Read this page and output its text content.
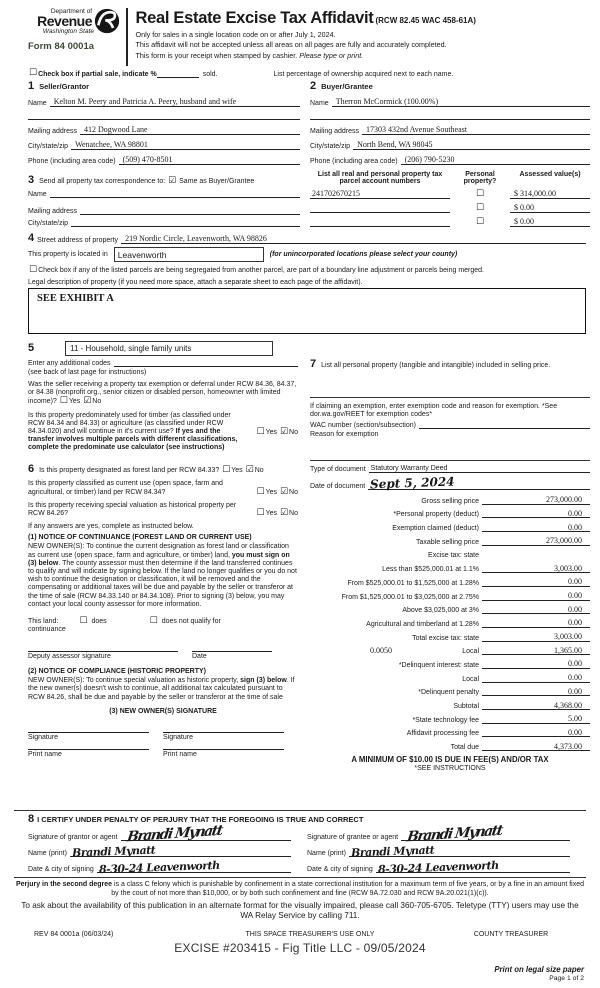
Department of
Revenue
Washington State
Form 84 0001a
Real Estate Excise Tax Affidavit (RCW 82.45 WAC 458-61A)
Only for sales in a single location code on or after July 1, 2024.
This affidavit will not be accepted unless all areas on all pages are fully and accurately completed.
This form is your receipt when stamped by cashier. Please type or print.
☐ Check box if partial sale, indicate %	sold.	List percentage of ownership acquired next to each name.
1 Seller/Grantor
Name Kelton M. Peery and Patricia A. Peery, husband and wife
Mailing address 412 Dogwood Lane
City/state/zip Wenatchee, WA 98801
Phone (including area code) (509) 470-8501
3 Send all property tax correspondence to: ☑ Same as Buyer/Grantee
Name
Mailing address
City/state/zip
2 Buyer/Grantee
Name Therron McCormick (100.00%)
Mailing address 17303 432nd Avenue Southeast
City/state/zip North Bend, WA 98045
Phone (including area code) (206) 790-5230
List all real and personal property tax parcel account numbers
Personal property?
Assessed value(s)
241702670215	☐	$ 314,000.00
☐	$ 0.00
☐	$ 0.00
4 Street address of property 219 Nordic Circle, Leavenworth, WA 98826
This property is located in	Leavenworth	(for unincorporated locations please select your county)
☐ Check box if any of the listed parcels are being segregated from another parcel, are part of a boundary line adjustment or parcels being merged.
Legal description of property (if you need more space, attach a separate sheet to each page of the affidavit).
SEE EXHIBIT A
5	11 - Household, single family units
Enter any additional codes
(see back of last page for instructions)
Was the seller receiving a property tax exemption or deferral under RCW 84.36, 84.37, or 84.38 (nonprofit org., senior citizen or disabled person, homeowner with limited income)? ☐Yes ☑No
Is this property predominately used for timber (as classified under RCW 84.34 and 84.33) or agriculture (as classified under RCW 84.34.020) and will continue in it's current use? If yes and the transfer involves multiple parcels with different classifications, complete the predominate use calculator (see instructions)
☐Yes ☑No
6 Is this property designated as forest land per RCW 84.33? ☐Yes ☑No
Is this property classified as current use (open space, farm and agricultural, or timber) land per RCW 84.34?	☐Yes ☑No
Is this property receiving special valuation as historical property per RCW 84.26?	☐Yes ☑No
If any answers are yes, complete as instructed below.
(1) NOTICE OF CONTINUANCE (FOREST LAND OR CURRENT USE)
NEW OWNER(S): To continue the current designation as forest land or classification as current use (open space, farm and agriculture, or timber) land, you must sign on (3) below. The county assessor must then determine if the land transferred continues to qualify and will indicate by signing below. If the land no longer qualifies or you do not wish to continue the designation or classification, it will be removed and the compensating or additional taxes will be due and payable by the seller or transferor at the time of sale (RCW 84.33.140 or 84.34.108). Prior to signing (3) below, you may contact your local county assessor for more information.
This land: ☐ does	☐ does not qualify for
continuance
Deputy assessor signature	Date
(2) NOTICE OF COMPLIANCE (HISTORIC PROPERTY)
NEW OWNER(S): To continue special valuation as historic property, sign (3) below. If the new owner(s) doesn't wish to continue, all additional tax calculated pursuant to RCW 84.26, shall be due and payable by the seller or transferor at the time of sale
(3) NEW OWNER(S) SIGNATURE
Signature	Signature
Print name	Print name
7 List all personal property (tangible and intangible) included in selling price.
If claiming an exemption, enter exemption code and reason for exemption. *See dor.wa.gov/REET for exemption codes*
WAC number (section/subsection)
Reason for exemption
Type of document Statutory Warranty Deed
Date of document Sept 5, 2024
Gross selling price	273,000.00
*Personal property (deduct)	0.00
Exemption claimed (deduct)	0.00
Taxable selling price	273,000.00
Excise tax: state
Less than $525,000.01 at 1.1%	3,003.00
From $525,000.01 to $1,525,000 at 1.28%	0.00
From $1,525,000.01 to $3,025,000 at 2.75%	0.00
Above $3,025,000 at 3%	0.00
Agricultural and timberland at 1.28%	0.00
Total excise tax: state	3,003.00
0.0050	Local	1,365.00
*Delinquent interest: state	0.00
Local	0.00
*Delinquent penalty	0.00
Subtotal	4,368.00
*State technology fee	5.00
Affidavit processing fee	0.00
Total due	4,373.00
A MINIMUM OF $10.00 IS DUE IN FEE(S) AND/OR TAX
*SEE INSTRUCTIONS
8 I CERTIFY UNDER PENALTY OF PERJURY THAT THE FOREGOING IS TRUE AND CORRECT
Signature of grantor or agent Brandi Mynatt
Name (print) Brandi Mynatt
Date & city of signing 8-30-24 Leavenworth
Signature of grantee or agent Brandi Mynatt
Name (print) Brandi Mynatt
Date & city of signing 8-30-24 Leavenworth
Perjury in the second degree is a class C felony which is punishable by confinement in a state correctional institution for a maximum term of five years, or by a fine in an amount fixed by the court of not more than $10,000, or by both such confinement and fine (RCW 9A.72.030 and RCW 9A.20.021(1)(c)).
To ask about the availability of this publication in an alternate format for the visually impaired, please call 360-705-6705. Teletype (TTY) users may use the WA Relay Service by calling 711.
REV 84 0001a (06/03/24)	THIS SPACE TREASURER'S USE ONLY	COUNTY TREASURER
EXCISE #203415 - Fig Title LLC - 09/05/2024
Print on legal size paper
Page 1 of 2
